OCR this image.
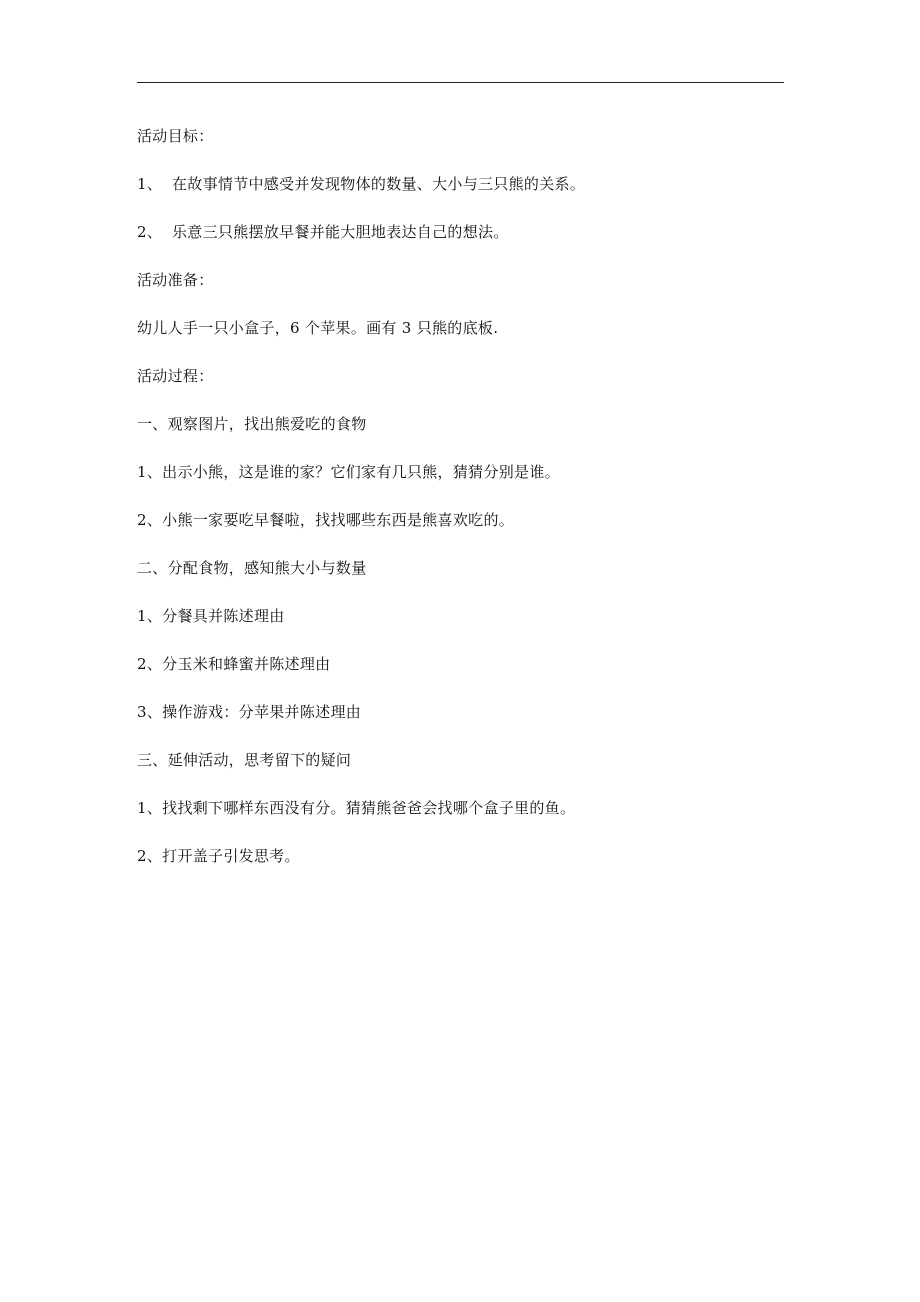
活动目标：
1、 在故事情节中感受并发现物体的数量、大小与三只熊的关系。
2、 乐意三只熊摆放早餐并能大胆地表达自己的想法。
活动准备：
幼儿人手一只小盒子，6 个苹果。画有 3 只熊的底板.
活动过程：
一、观察图片，找出熊爱吃的食物
1、出示小熊，这是谁的家？它们家有几只熊，猜猜分别是谁。
2、小熊一家要吃早餐啦，找找哪些东西是熊喜欢吃的。
二、分配食物，感知熊大小与数量
1、分餐具并陈述理由
2、分玉米和蜂蜜并陈述理由
3、操作游戏：分苹果并陈述理由
三、延伸活动，思考留下的疑问
1、找找剩下哪样东西没有分。猜猜熊爸爸会找哪个盒子里的鱼。
2、打开盖子引发思考。
